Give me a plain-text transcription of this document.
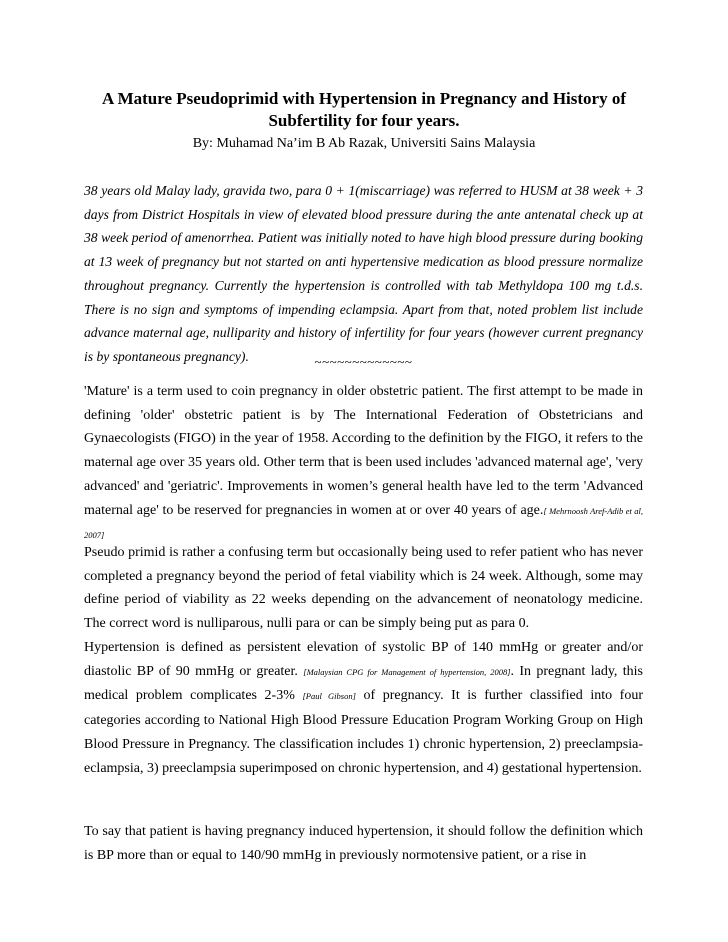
A Mature Pseudoprimid with Hypertension in Pregnancy and History of Subfertility for four years.
By: Muhamad Na’im B Ab Razak, Universiti Sains Malaysia

38 years old Malay lady, gravida two, para 0 + 1(miscarriage) was referred to HUSM at 38 week + 3 days from District Hospitals in view of elevated blood pressure during the ante antenatal check up at 38 week period of amenorrhea. Patient was initially noted to have high blood pressure during booking at 13 week of pregnancy but not started on anti hypertensive medication as blood pressure normalize throughout pregnancy. Currently the hypertension is controlled with tab Methyldopa 100 mg t.d.s. There is no sign and symptoms of impending eclampsia. Apart from that, noted problem list include advance maternal age, nulliparity and history of infertility for four years (however current pregnancy is by spontaneous pregnancy).	~~~~~~~~~~~~~

'Mature' is a term used to coin pregnancy in older obstetric patient. The first attempt to be made in defining 'older' obstetric patient is by The International Federation of Obstetricians and Gynaecologists (FIGO) in the year of 1958. According to the definition by the FIGO, it refers to the maternal age over 35 years old. Other term that is been used includes 'advanced maternal age', 'very advanced' and 'geriatric'. Improvements in women’s general health have led to the term 'Advanced maternal age' to be reserved for pregnancies in women at or over 40 years of age.[ Mehrnoosh Aref-Adib et al, 2007]

Pseudo primid is rather a confusing term but occasionally being used to refer patient who has never completed a pregnancy beyond the period of fetal viability which is 24 week. Although, some may define period of viability as 22 weeks depending on the advancement of neonatology medicine. The correct word is nulliparous, nulli para or can be simply being put as para 0.

Hypertension is defined as persistent elevation of systolic BP of 140 mmHg or greater and/or diastolic BP of 90 mmHg or greater. [Malaysian CPG for Management of hypertension, 2008]. In pregnant lady, this medical problem complicates 2-3% [Paul Gibson] of pregnancy. It is further classified into four categories according to National High Blood Pressure Education Program Working Group on High Blood Pressure in Pregnancy. The classification includes 1) chronic hypertension, 2) preeclampsia-eclampsia, 3) preeclampsia superimposed on chronic hypertension, and 4) gestational hypertension.

To say that patient is having pregnancy induced hypertension, it should follow the definition which is BP more than or equal to 140/90 mmHg in previously normotensive patient, or a rise in
